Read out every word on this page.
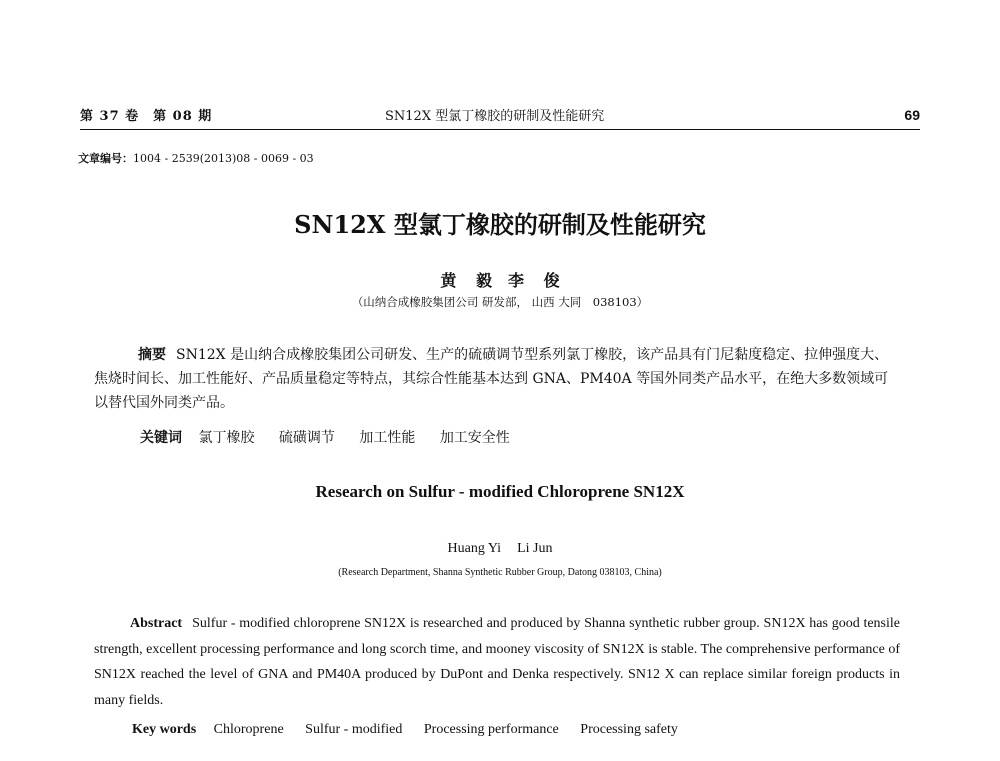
第 37 卷　第 08 期	SN12X 型氯丁橡胶的研制及性能研究	69
文章编号：1004 - 2539(2013)08 - 0069 - 03
SN12X 型氯丁橡胶的研制及性能研究
黄 毅　李 俊
（山纳合成橡胶集团公司 研发部， 山西 大同　038103）
摘要 SN12X 是山纳合成橡胶集团公司研发、生产的硫磺调节型系列氯丁橡胶，该产品具有门尼黏度稳定、拉伸强度大、焦烧时间长、加工性能好、产品质量稳定等特点，其综合性能基本达到 GNA、PM40A 等国外同类产品水平，在绝大多数领域可以替代国外同类产品。
关键词 氯丁橡胶 硫磺调节 加工性能 加工安全性
Research on Sulfur - modified Chloroprene SN12X
Huang Yi Li Jun
(Research Department, Shanna Synthetic Rubber Group, Datong 038103, China)
Abstract Sulfur - modified chloroprene SN12X is researched and produced by Shanna synthetic rubber group. SN12X has good tensile strength, excellent processing performance and long scorch time, and mooney viscosity of SN12X is stable. The comprehensive performance of SN12X reached the level of GNA and PM40A produced by DuPont and Denka respectively. SN12 X can replace similar foreign products in many fields.
Key words Chloroprene Sulfur - modified Processing performance Processing safety
